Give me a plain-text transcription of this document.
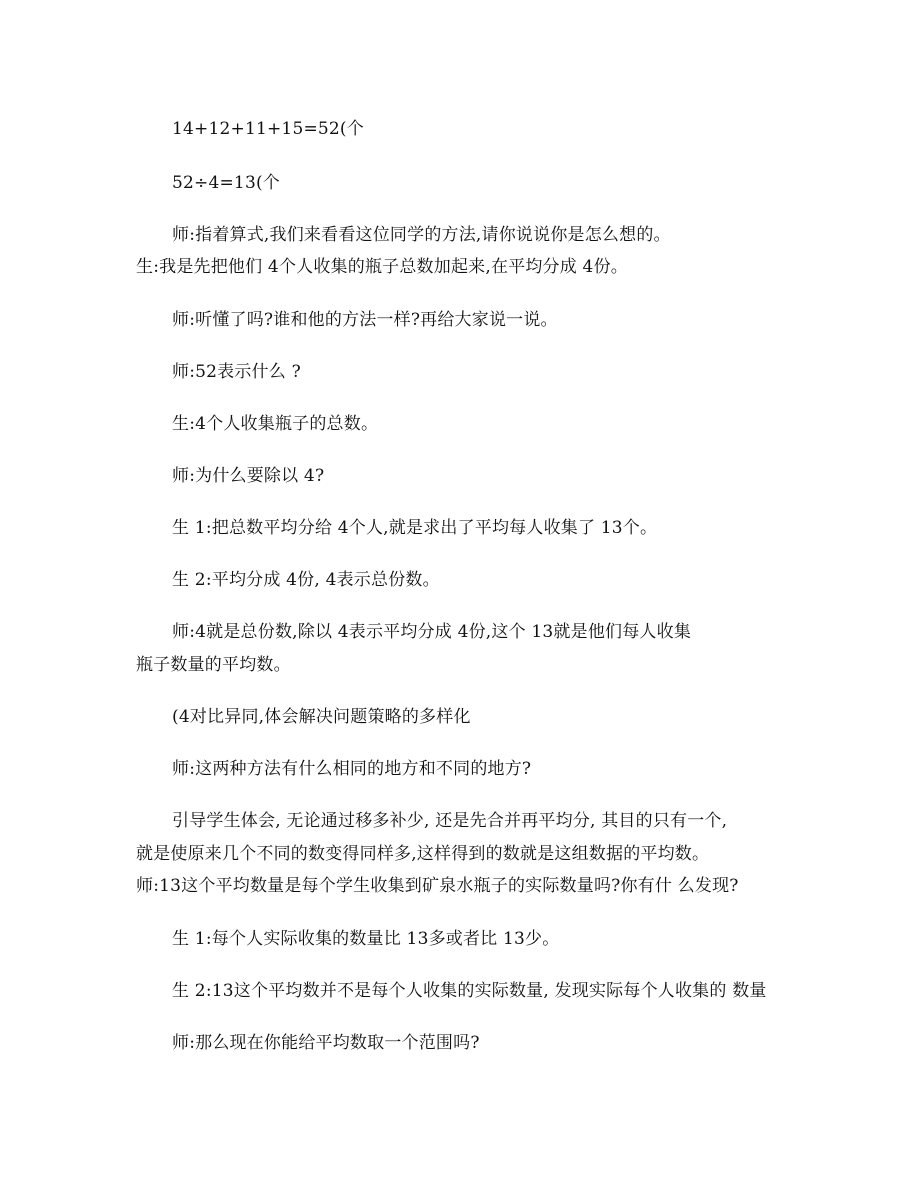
14+12+11+15=52(个
52÷4=13(个
师:指着算式,我们来看看这位同学的方法,请你说说你是怎么想的。
生:我是先把他们 4个人收集的瓶子总数加起来,在平均分成 4份。
师:听懂了吗?谁和他的方法一样?再给大家说一说。
师:52表示什么 ?
生:4个人收集瓶子的总数。
师:为什么要除以 4?
生 1:把总数平均分给 4个人,就是求出了平均每人收集了 13个。
生 2:平均分成 4份, 4表示总份数。
师:4就是总份数,除以 4表示平均分成 4份,这个 13就是他们每人收集
瓶子数量的平均数。
(4对比异同,体会解决问题策略的多样化
师:这两种方法有什么相同的地方和不同的地方?
引导学生体会, 无论通过移多补少, 还是先合并再平均分, 其目的只有一个,
就是使原来几个不同的数变得同样多,这样得到的数就是这组数据的平均数。
师:13这个平均数量是每个学生收集到矿泉水瓶子的实际数量吗?你有什 么发现?
生 1:每个人实际收集的数量比 13多或者比 13少。
生 2:13这个平均数并不是每个人收集的实际数量, 发现实际每个人收集的 数量
师:那么现在你能给平均数取一个范围吗?
